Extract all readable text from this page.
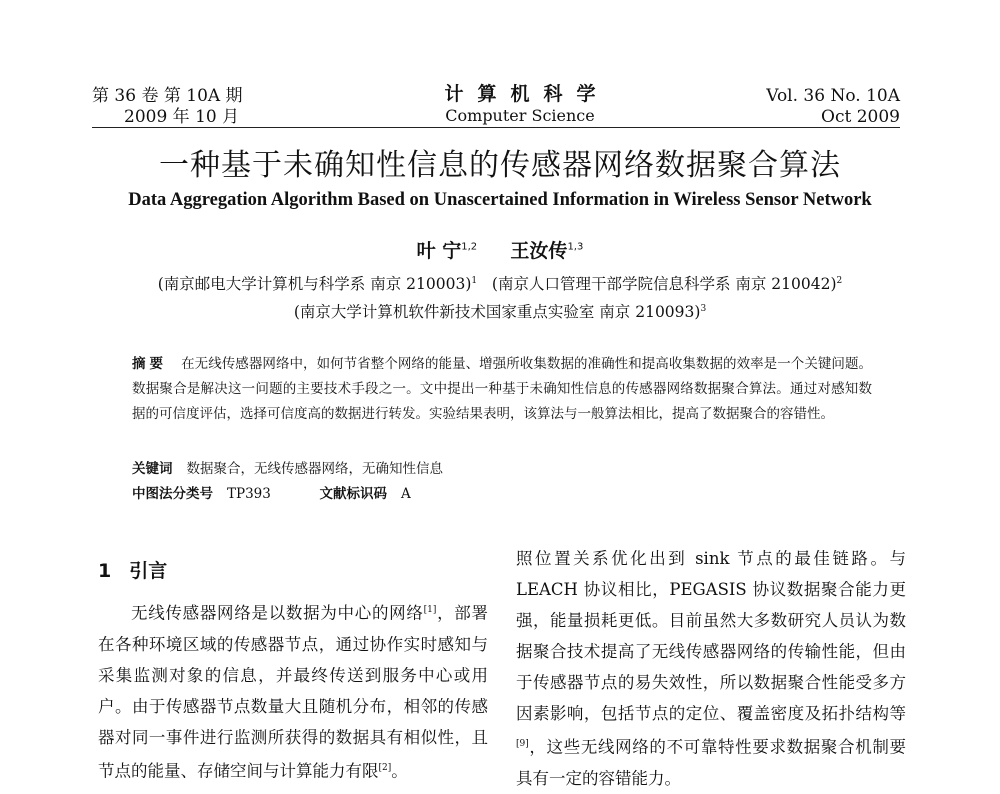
第 36 卷 第 10A 期
2009 年 10 月
计算机科学
Computer Science
Vol. 36 No. 10A
Oct 2009
一种基于未确知性信息的传感器网络数据聚合算法
Data Aggregation Algorithm Based on Unascertained Information in Wireless Sensor Network
叶 宁$^{1,2}$ 王汝传$^{1,3}$
(南京邮电大学计算机与科学系 南京 210003)$^1$ (南京人口管理干部学院信息科学系 南京 210042)$^2$
(南京大学计算机软件新技术国家重点实验室 南京 210093)$^3$
摘要 在无线传感器网络中，如何节省整个网络的能量、增强所收集数据的准确性和提高收集数据的效率是一个关键问题。数据聚合是解决这一问题的主要技术手段之一。文中提出一种基于未确知性信息的传感器网络数据聚合算法。通过对感知数据的可信度评估，选择可信度高的数据进行转发。实验结果表明，该算法与一般算法相比，提高了数据聚合的容错性。
关键词 数据聚合，无线传感器网络，无确知性信息
中图法分类号 TP393	文献标识码 A
1 引言
无线传感器网络是以数据为中心的网络[1]，部署在各种环境区域的传感器节点，通过协作实时感知与采集监测对象的信息，并最终传送到服务中心或用户。由于传感器节点数量大且随机分布，相邻的传感器对同一事件进行监测所获得的数据具有相似性，且节点的能量、存储空间与计算能力有限[2]。
照位置关系优化出到 sink 节点的最佳链路。与 LEACH 协议相比，PEGASIS 协议数据聚合能力更强，能量损耗更低。目前虽然大多数研究人员认为数据聚合技术提高了无线传感器网络的传输性能，但由于传感器节点的易失效性，所以数据聚合性能受多方因素影响，包括节点的定位、覆盖密度及拓扑结构等[9]，这些无线网络的不可靠特性要求数据聚合机制要具有一定的容错能力。
